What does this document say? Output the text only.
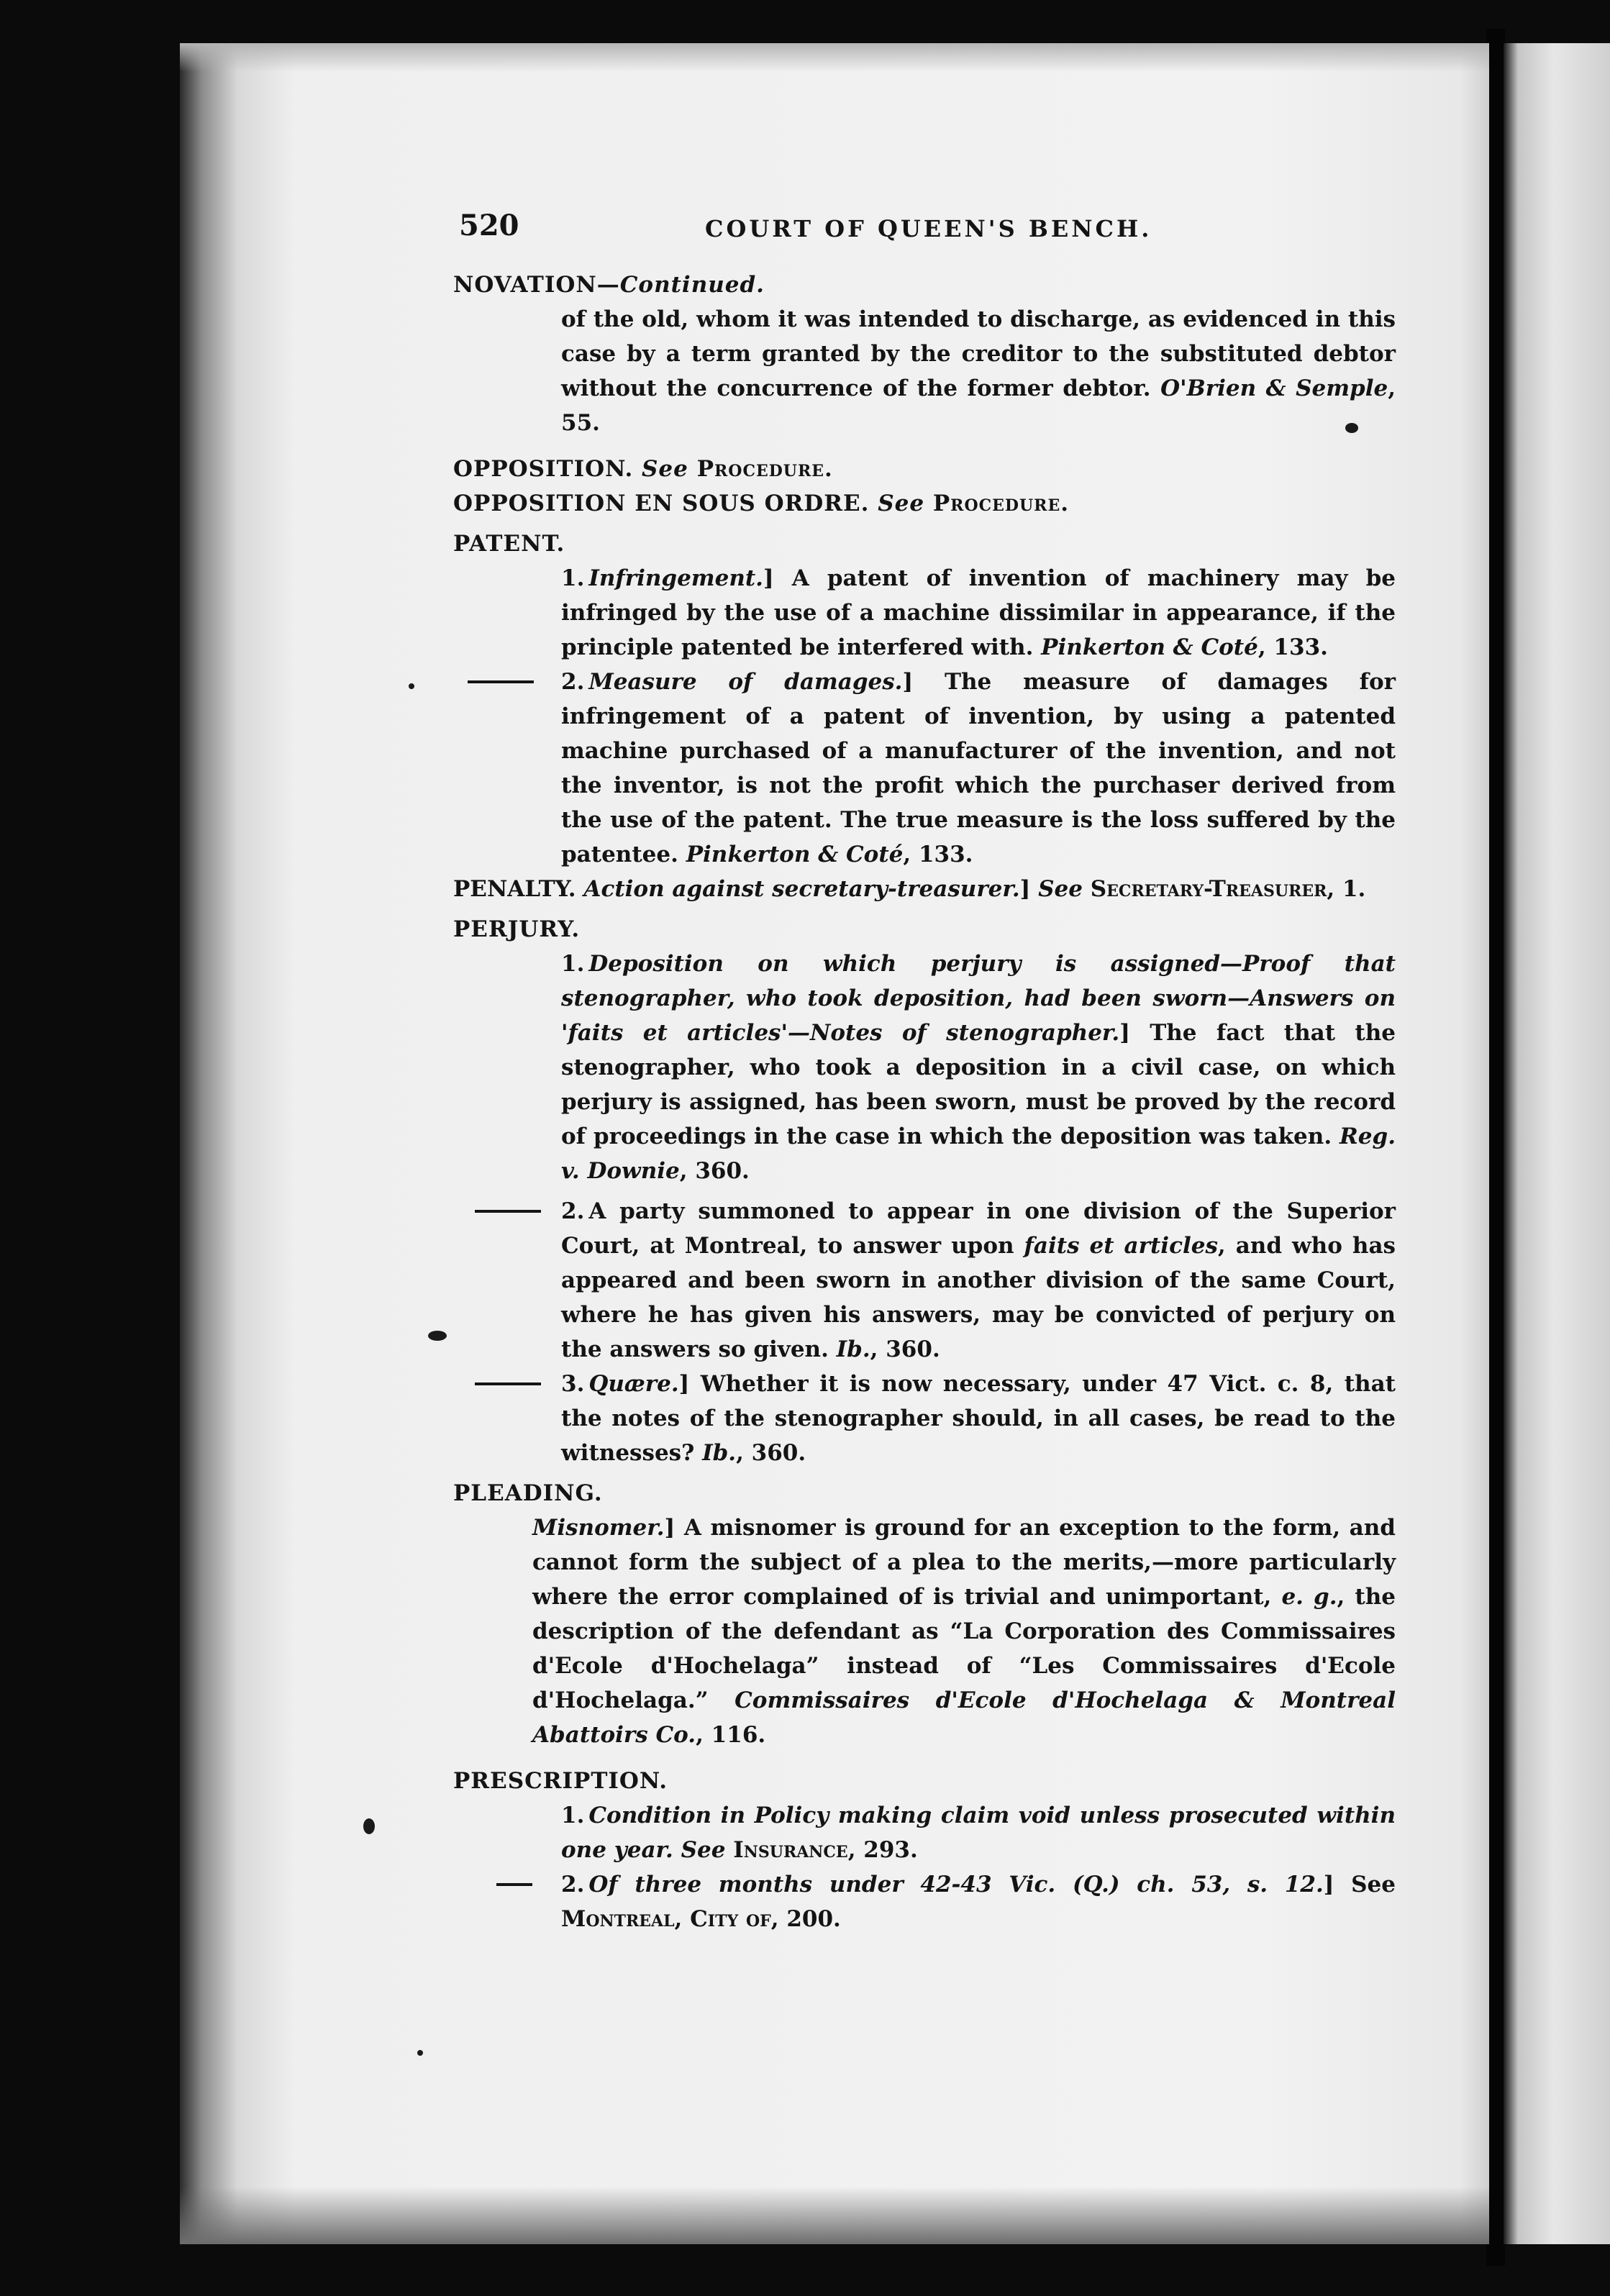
520	COURT OF QUEEN'S BENCH.
NOVATION—Continued.
of the old, whom it was intended to discharge, as evidenced in this case by a term granted by the creditor to the substituted debtor without the concurrence of the former debtor. O'Brien & Semple, 55.
OPPOSITION. See Procedure.
OPPOSITION EN SOUS ORDRE. See Procedure.
PATENT.
1. Infringement.] A patent of invention of machinery may be infringed by the use of a machine dissimilar in appearance, if the principle patented be interfered with. Pinkerton & Coté, 133.
2. Measure of damages.] The measure of damages for infringement of a patent of invention, by using a patented machine purchased of a manufacturer of the invention, and not the inventor, is not the profit which the purchaser derived from the use of the patent. The true measure is the loss suffered by the patentee. Pinkerton & Coté, 133.
PENALTY. Action against secretary-treasurer.] See Secretary-Treasurer, 1.
PERJURY.
1. Deposition on which perjury is assigned—Proof that stenographer, who took deposition, had been sworn—Answers on 'faits et articles'—Notes of stenographer.] The fact that the stenographer, who took a deposition in a civil case, on which perjury is assigned, has been sworn, must be proved by the record of proceedings in the case in which the deposition was taken. Reg. v. Downie, 360.
2. A party summoned to appear in one division of the Superior Court, at Montreal, to answer upon faits et articles, and who has appeared and been sworn in another division of the same Court, where he has given his answers, may be convicted of perjury on the answers so given. Ib., 360.
3. Quære.] Whether it is now necessary, under 47 Vict. c. 8, that the notes of the stenographer should, in all cases, be read to the witnesses? Ib., 360.
PLEADING.
Misnomer.] A misnomer is ground for an exception to the form, and cannot form the subject of a plea to the merits,—more particularly where the error complained of is trivial and unimportant, e. g., the description of the defendant as “La Corporation des Commissaires d'Ecole d'Hochelaga” instead of “Les Commissaires d'Ecole d'Hochelaga.” Commissaires d'Ecole d'Hochelaga & Montreal Abattoirs Co., 116.
PRESCRIPTION.
1. Condition in Policy making claim void unless prosecuted within one year. See Insurance, 293.
2. Of three months under 42-43 Vic. (Q.) ch. 53, s. 12.] See Montreal, City of, 200.
